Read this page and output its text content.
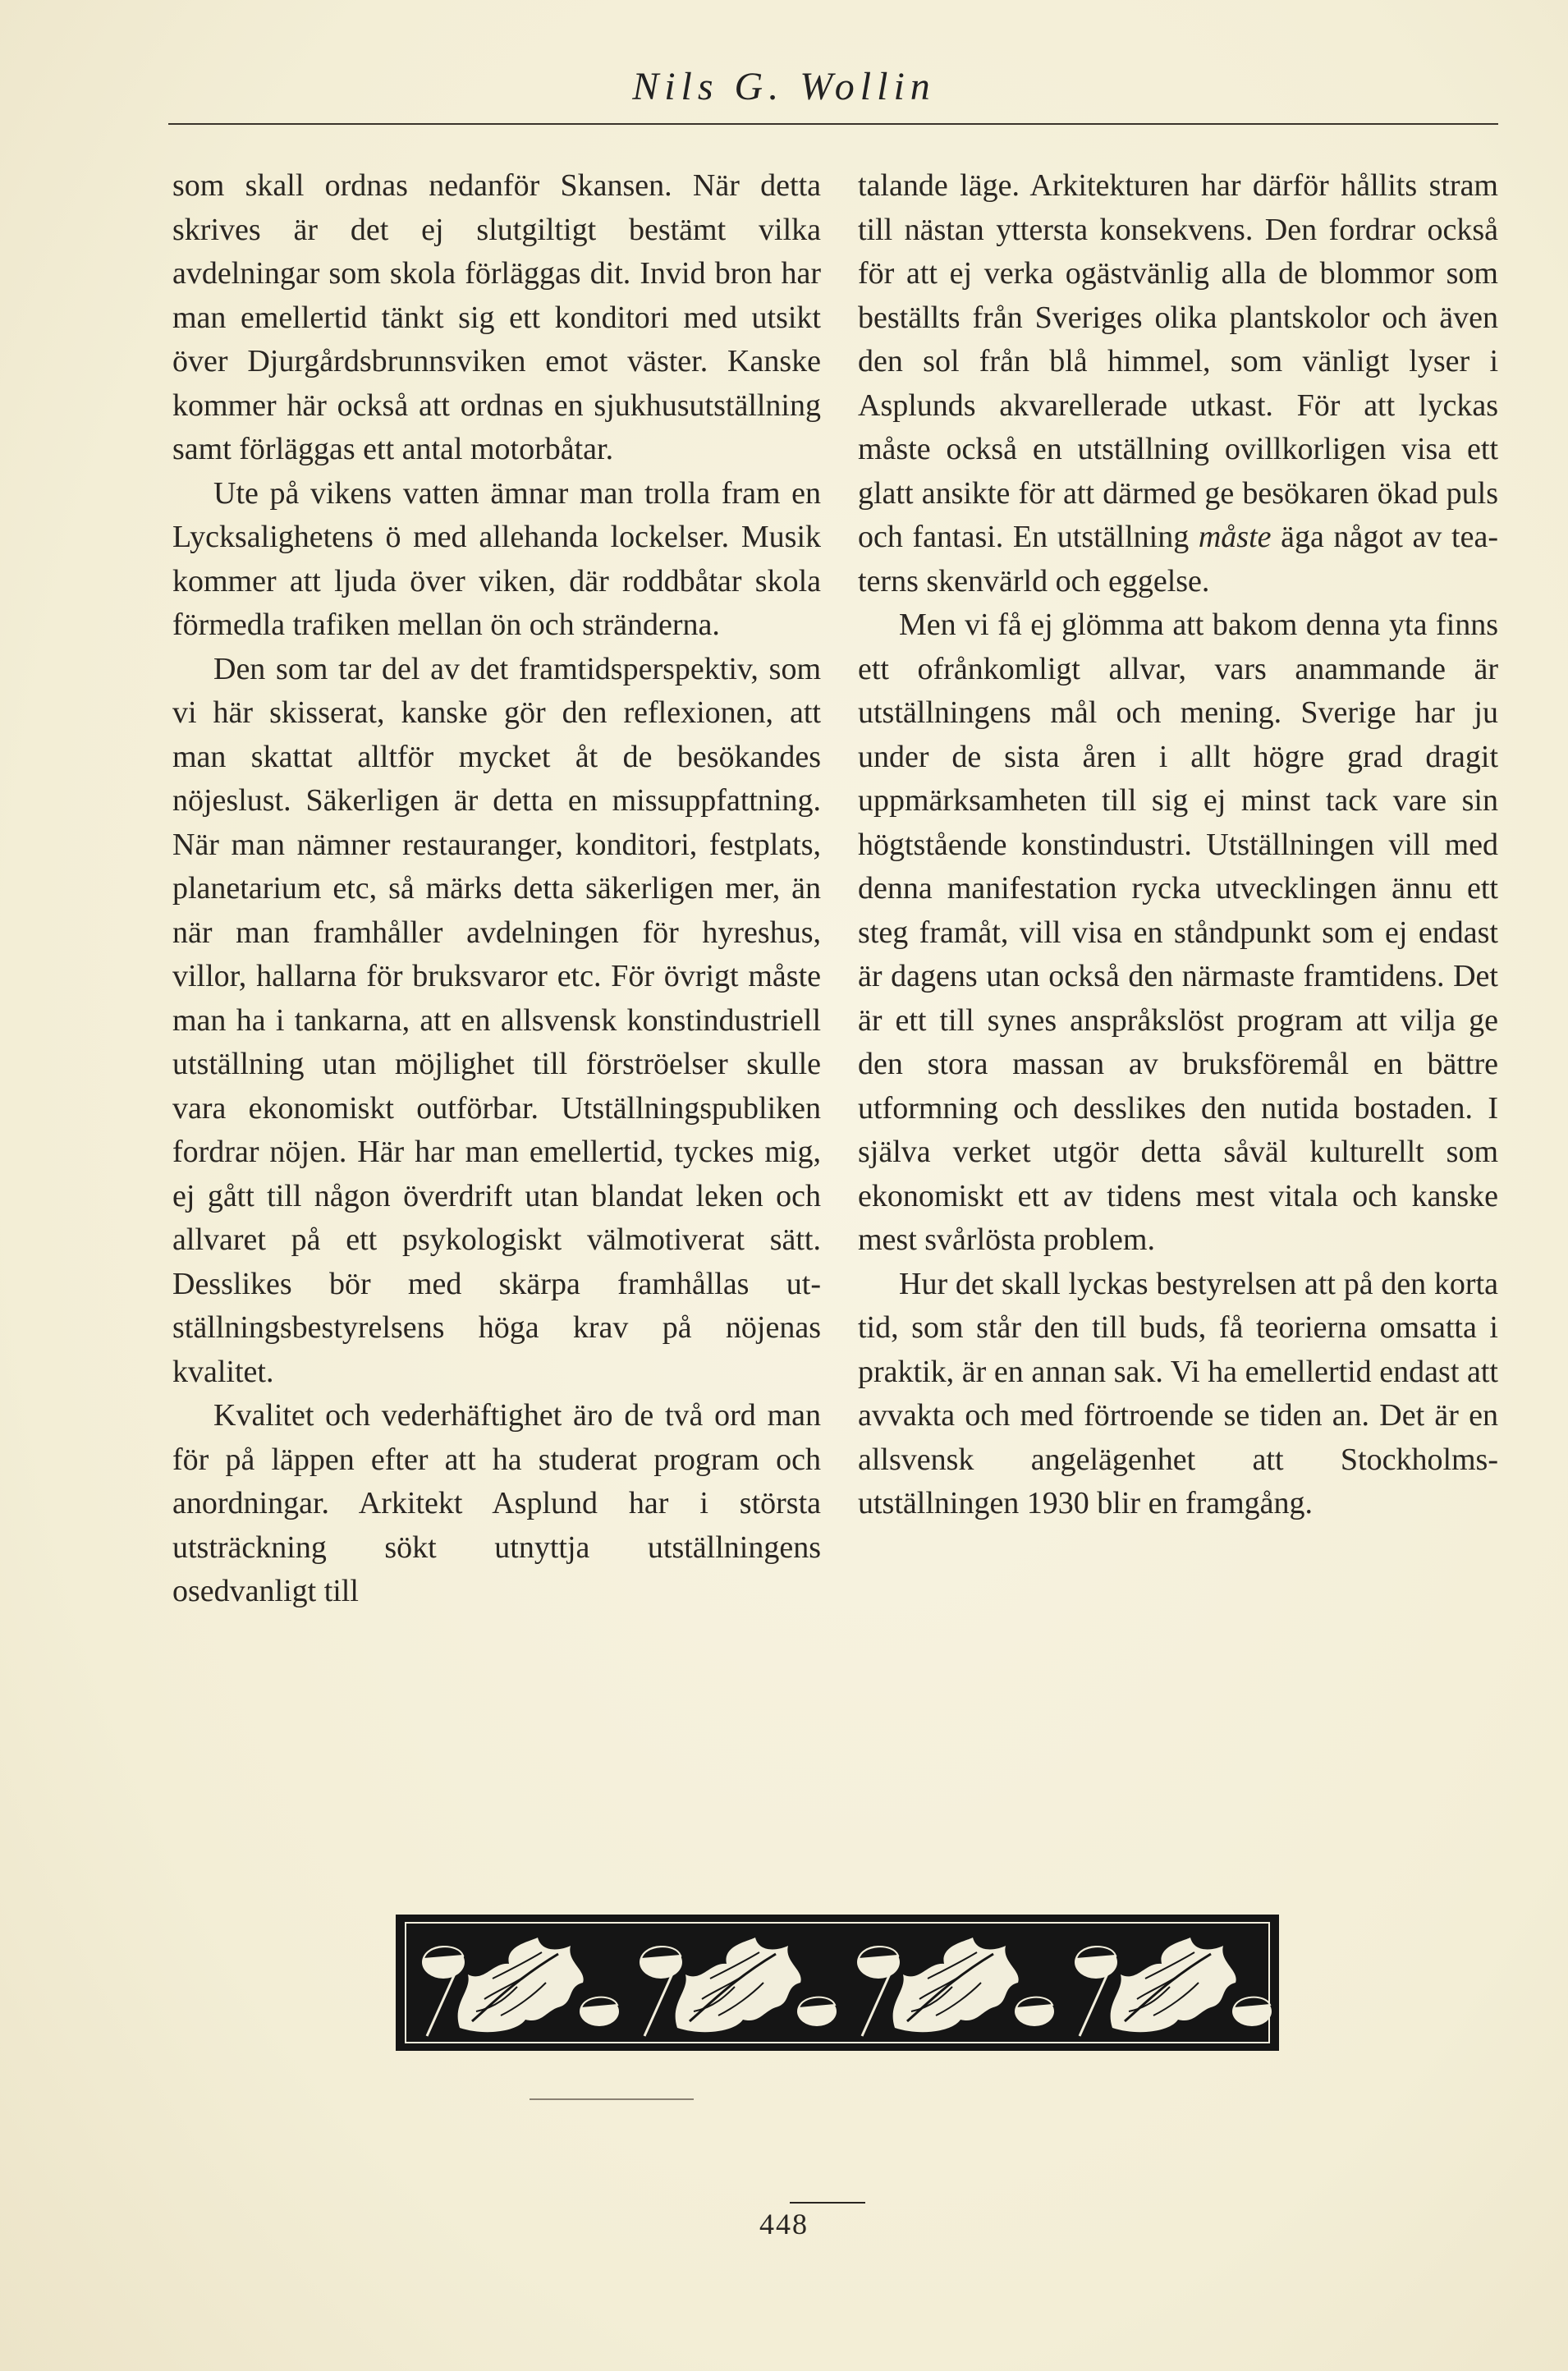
Nils G. Wollin

som skall ordnas nedanför Skansen. När detta skrives är det ej slutgiltigt bestämt vilka avdelningar som skola förläggas dit. Invid bron har man emellertid tänkt sig ett konditori med utsikt över Djurgårdsbrunnsviken emot väster. Kanske kommer här också att ordnas en sjukhusutställning samt förläggas ett antal motorbåtar.

Ute på vikens vatten ämnar man trolla fram en Lycksalighetens ö med allehanda lockelser. Musik kommer att ljuda över viken, där roddbåtar skola förmedla trafiken mellan ön och stränderna.

Den som tar del av det framtidsperspektiv, som vi här skisserat, kanske gör den reflexionen, att man skattat alltför mycket åt de besökandes nöjeslust. Säkerligen är detta en missuppfattning. När man nämner restauranger, konditori, festplats, planetarium etc, så märks detta säkerligen mer, än när man framhåller avdelningen för hyreshus, villor, hallarna för bruksvaror etc. För övrigt måste man ha i tankarna, att en allsvensk konstindustriell utställning utan möjlighet till förströelser skulle vara ekonomiskt outförbar. Utställningspubliken fordrar nöjen. Här har man emellertid, tyckes mig, ej gått till någon överdrift utan blandat leken och allvaret på ett psykologiskt välmotiverat sätt. Desslikes bör med skärpa framhållas utställningsbestyrelsens höga krav på nöjenas kvalitet.

Kvalitet och vederhäftighet äro de två ord man för på läppen efter att ha studerat program och anordningar. Arkitekt Asplund har i största utsträckning sökt utnyttja utställningens osedvanligt till

talande läge. Arkitekturen har därför hållits stram till nästan yttersta konsekvens. Den fordrar också för att ej verka ogästvänlig alla de blommor som beställts från Sveriges olika plantskolor och även den sol från blå himmel, som vänligt lyser i Asplunds akvarellerade utkast. För att lyckas måste också en utställning ovillkorligen visa ett glatt ansikte för att därmed ge besökaren ökad puls och fantasi. En utställning måste äga något av teaterns skenvärld och eggelse.

Men vi få ej glömma att bakom denna yta finns ett ofrånkomligt allvar, vars anammande är utställningens mål och mening. Sverige har ju under de sista åren i allt högre grad dragit uppmärksamheten till sig ej minst tack vare sin högtstående konstindustri. Utställningen vill med denna manifestation rycka utvecklingen ännu ett steg framåt, vill visa en ståndpunkt som ej endast är dagens utan också den närmaste framtidens. Det är ett till synes anspråkslöst program att vilja ge den stora massan av bruksföremål en bättre utformning och desslikes den nutida bostaden. I själva verket utgör detta såväl kulturellt som ekonomiskt ett av tidens mest vitala och kanske mest svårlösta problem.

Hur det skall lyckas bestyrelsen att på den korta tid, som står den till buds, få teorierna omsatta i praktik, är en annan sak. Vi ha emellertid endast att avvakta och med förtroende se tiden an. Det är en allsvensk angelägenhet att Stockholmsutställningen 1930 blir en framgång.

448
